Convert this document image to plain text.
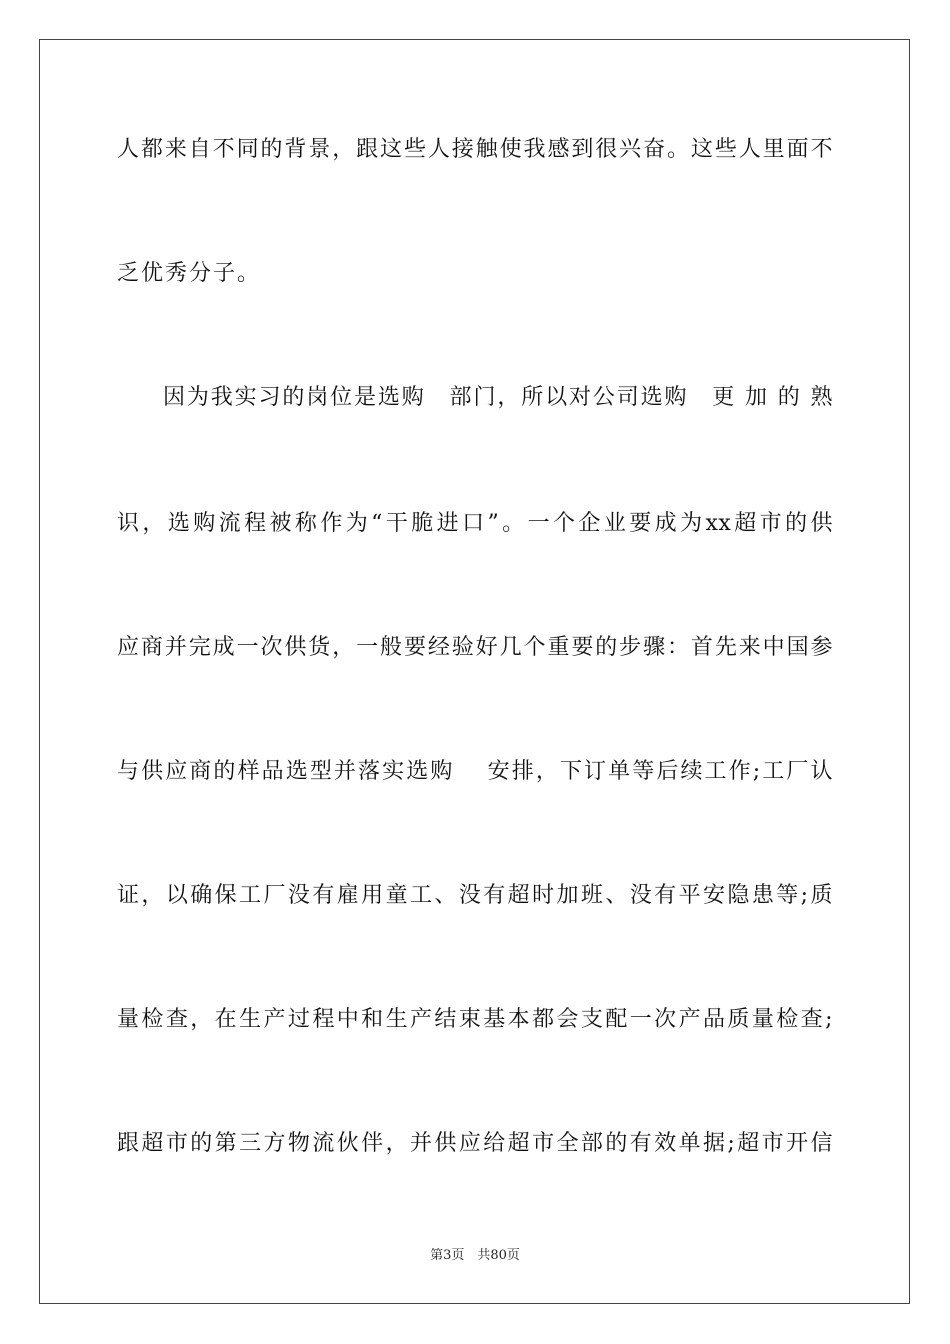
人都来自不同的背景，跟这些人接触使我感到很兴奋。这些人里面不
乏优秀分子。
因为我实习的岗位是选购　部门，所以对公司选购　更 加 的 熟
识，选购流程被称作为“干脆进口”。一个企业要成为xx超市的供
应商并完成一次供货，一般要经验好几个重要的步骤：首先来中国参
与供应商的样品选型并落实选购　 安排，下订单等后续工作;工厂认
证，以确保工厂没有雇用童工、没有超时加班、没有平安隐患等;质
量检查，在生产过程中和生产结束基本都会支配一次产品质量检查;
跟超市的第三方物流伙伴，并供应给超市全部的有效单据;超市开信
第3页　共80页
